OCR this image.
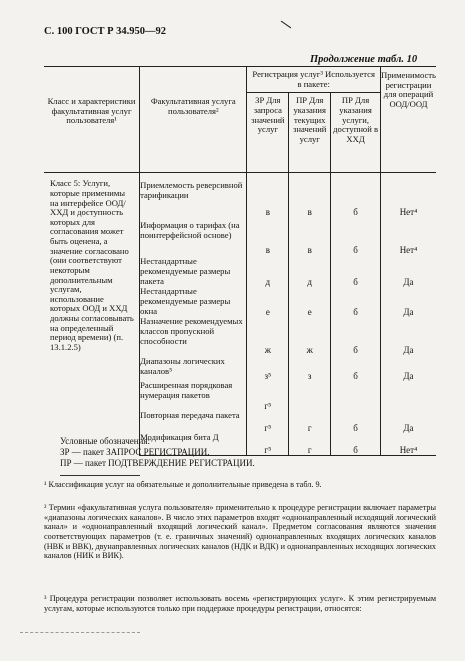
С. 100 ГОСТ Р 34.950—92
Продолжение табл. 10
Класс и характеристики факультативная услуг пользователя¹	Факультативная услуга пользователя²	Регистрация услуг³ Используется в пакете:			Применимость регистрации для операций ООД/ООД
		ЗР Для запроса значений услуг	ПР Для указания текущих значений услуг	ПР Для указания услуги, доступной в ХХД	
Класс 5: Услуги, которые применимы на интерфейсе ООД/ХХД и доступность которых для согласования может быть оценена, а значение согласовано (они соответствуют некоторым дополнительным услугам, использование которых ООД и ХХД должны согласовывать на определенный период времени) (п. 13.1.2.5)					
	Приемлемость реверсивной тарификации	в	в	б	Нет⁴
	Информация о тарифах (на поинтерфейсной основе)	в	в	б	Нет⁴
	Нестандартные рекомендуемые размеры пакета	д	д	б	Да
	Нестандартные рекомендуемые размеры окна	е	е	б	Да
	Назначение рекомендуемых классов пропускной способности	ж	ж	б	Да
	Диапазоны логических каналов⁵	з⁵	з	б	Да
	Расширенная порядковая нумерация пакетов	г⁵			
	Повторная передача пакета	г⁵	г	б	Да
	Модификация бита Д	г⁵	г	б	Нет⁴
Условные обозначения:
ЗР — пакет ЗАПРОС РЕГИСТРАЦИИ.
ПР — пакет ПОДТВЕРЖДЕНИЕ РЕГИСТРАЦИИ.
¹ Классификация услуг на обязательные и дополнительные приведена в табл. 9.
² Термин «факультативная услуга пользователя» применительно к процедуре регистрации включает параметры «диапазоны логических каналов». В число этих параметров входят «однонаправленный исходящий логический канал» и «однонаправленный входящий логический канал». Предметом согласования являются значения соответствующих параметров (т. е. граничных значений) однонаправленных входящих логических каналов (НВК и ВВК), двунаправленных логических каналов (НДК и ВДК) и однонаправленных исходящих логических каналов (НИК и ВИК).
³ Процедура регистрации позволяет использовать восемь «регистрирующих услуг». К этим регистрируемым услугам, которые используются только при поддержке процедуры регистрации, относятся:
